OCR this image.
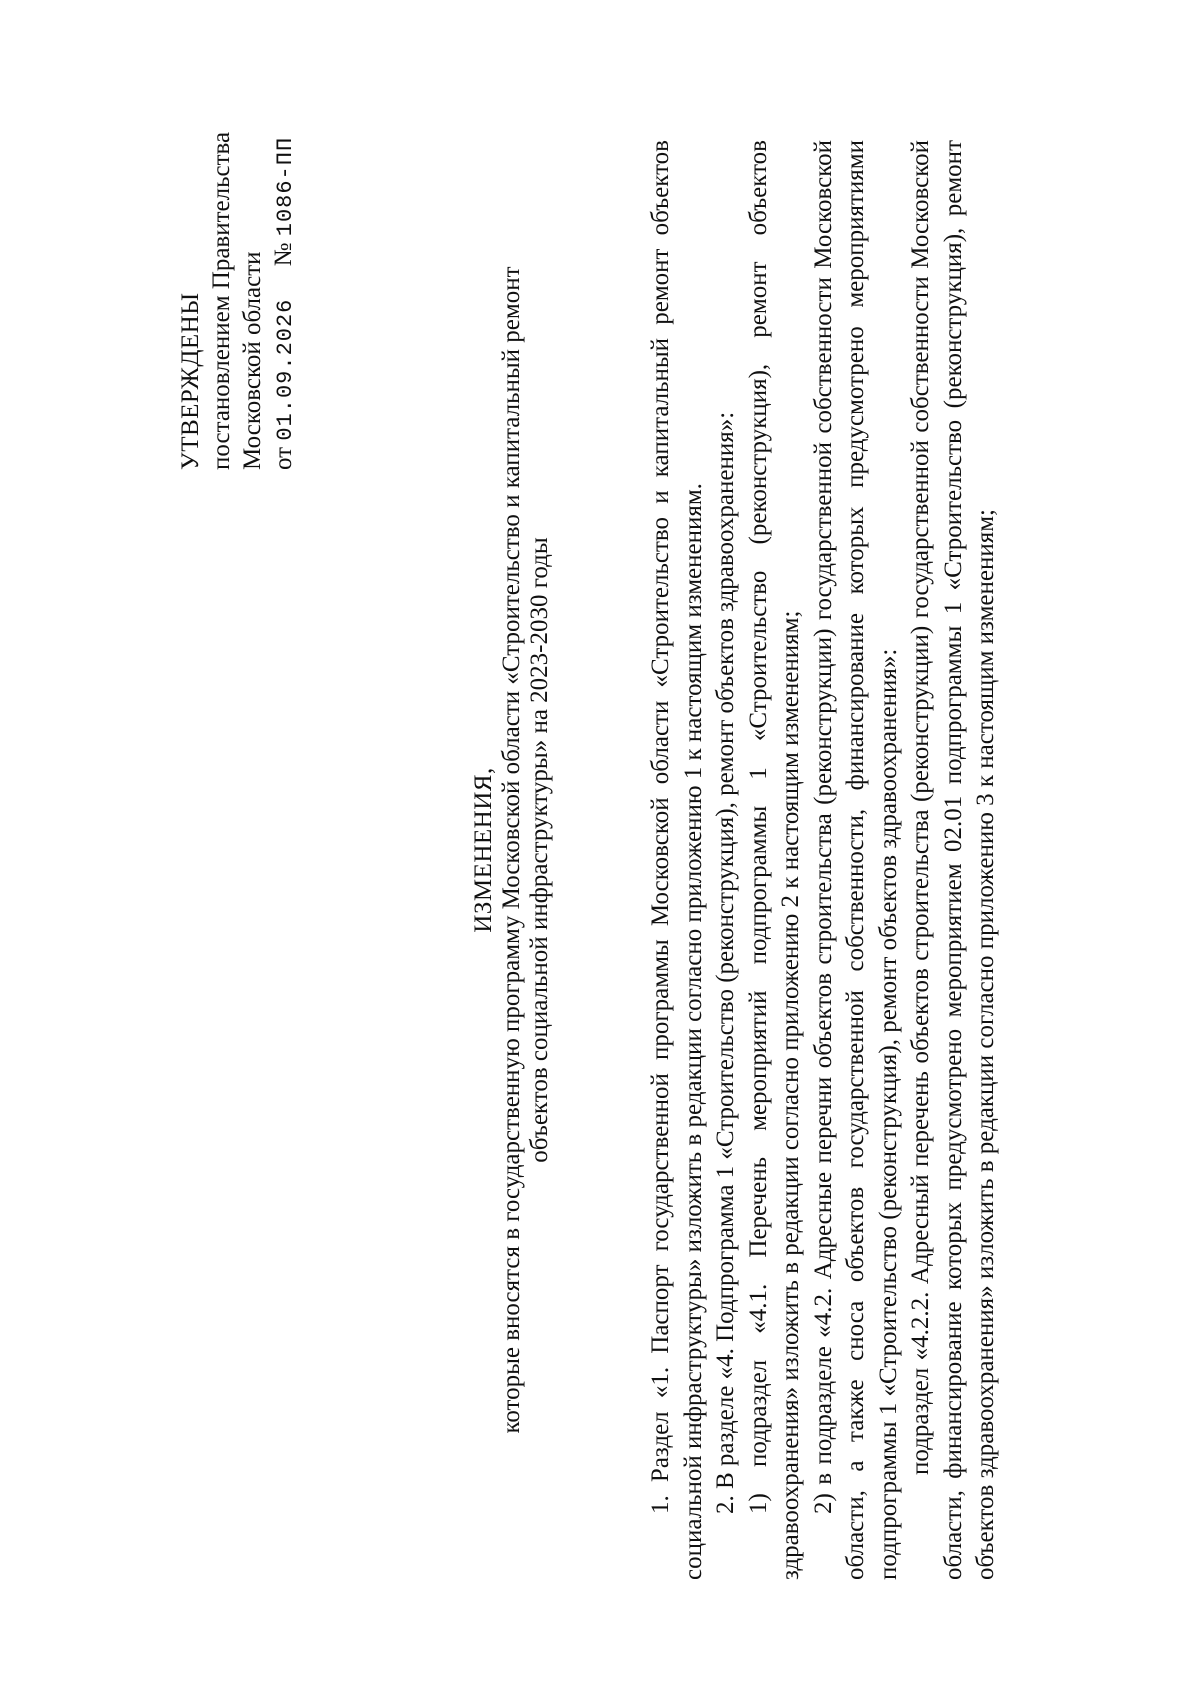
УТВЕРЖДЕНЫ постановлением Правительства Московской области от 01.09.2026 № 1086-ПП
ИЗМЕНЕНИЯ, которые вносятся в государственную программу Московской области «Строительство и капитальный ремонт объектов социальной инфраструктуры» на 2023-2030 годы	1. Раздел «1. Паспорт государственной программы Московской области «Строительство и капитальный ремонт объектов социальной инфраструктуры» изложить в редакции согласно приложению 1 к настоящим изменениям. 2. В разделе «4. Подпрограмма 1 «Строительство (реконструкция), ремонт объектов здравоохранения»: 1) подраздел «4.1. Перечень мероприятий подпрограммы 1 «Строительство (реконструкция), ремонт объектов здравоохранения» изложить в редакции согласно приложению 2 к настоящим изменениям; 2) в подразделе «4.2. Адресные перечни объектов строительства (реконструкции) государственной собственности Московской области, а также сноса объектов государственной собственности, финансирование которых предусмотрено мероприятиями подпрограммы 1 «Строительство (реконструкция), ремонт объектов здравоохранения»: подраздел «4.2.2. Адресный перечень объектов строительства (реконструкции) государственной собственности Московской области, финансирование которых предусмотрено мероприятием 02.01 подпрограммы 1 «Строительство (реконструкция), ремонт объектов здравоохранения» изложить в редакции согласно приложению 3 к настоящим изменениям;
